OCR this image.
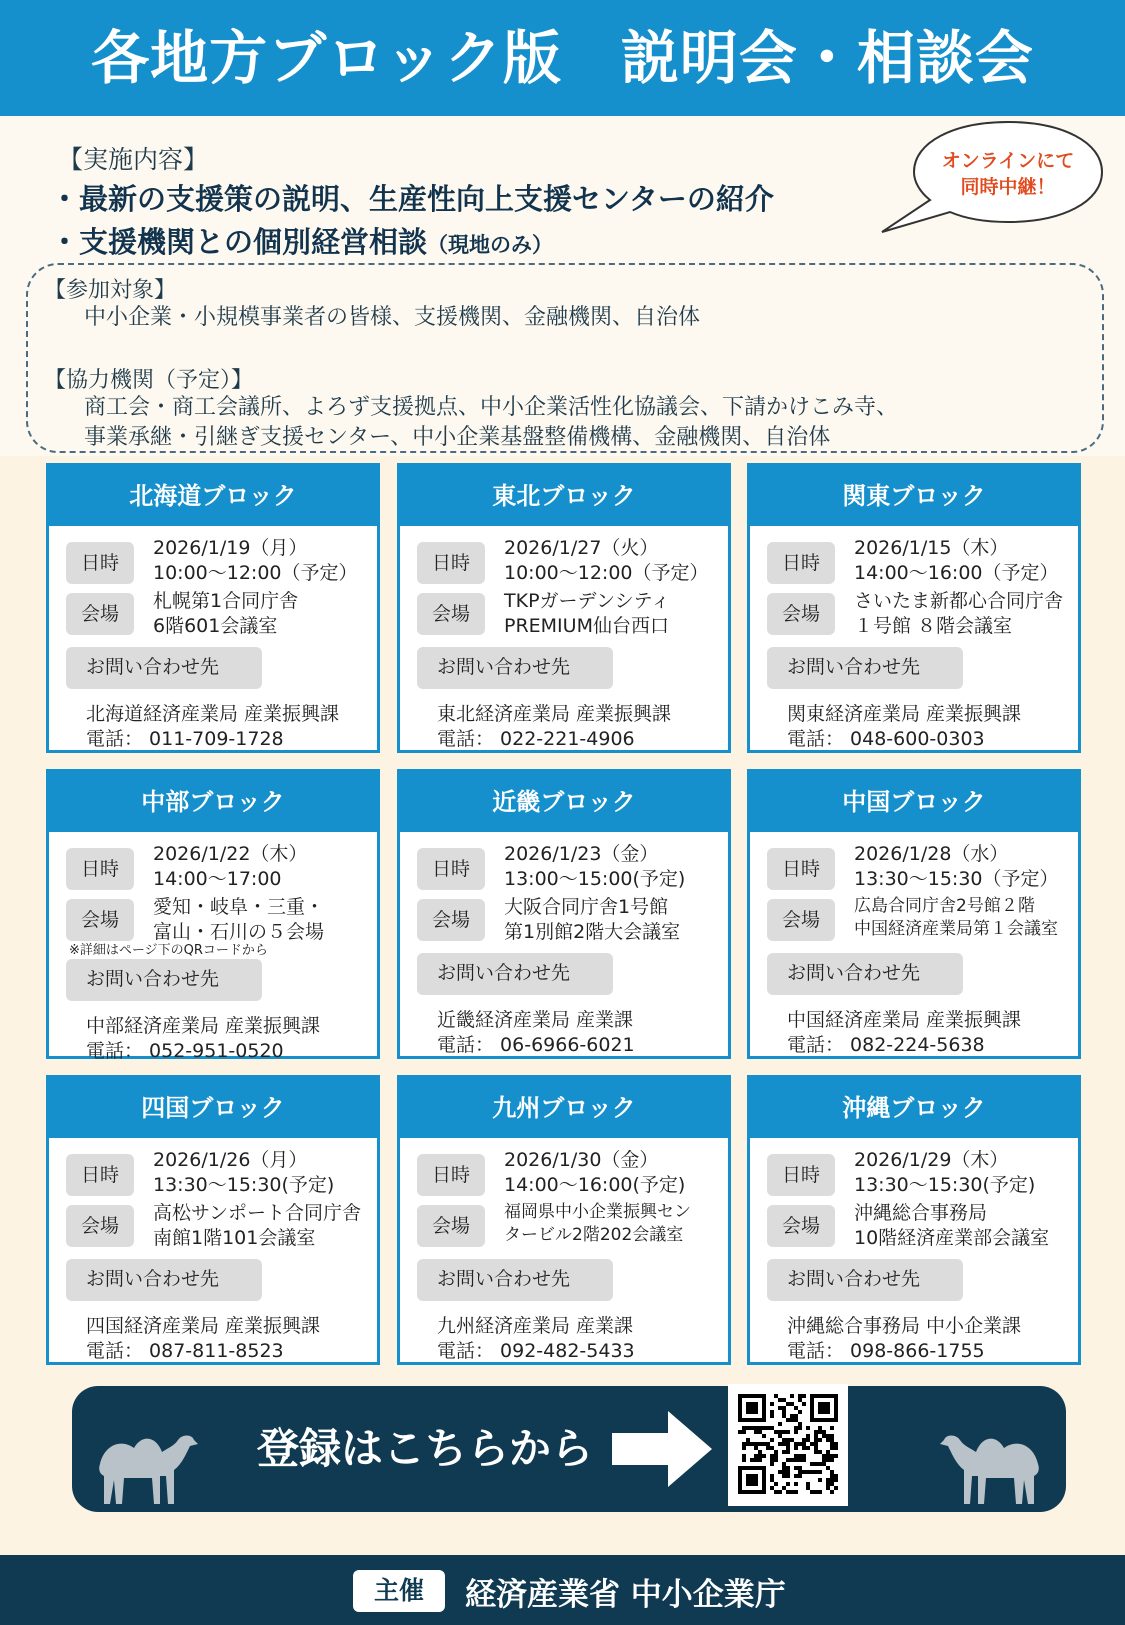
各地方ブロック版　説明会・相談会
【実施内容】
・最新の支援策の説明、生産性向上支援センターの紹介
・支援機関との個別経営相談（現地のみ）
オンラインにて
同時中継！
【参加対象】
中小企業・小規模事業者の皆様、支援機関、金融機関、自治体
【協力機関（予定）】
商工会・商工会議所、よろず支援拠点、中小企業活性化協議会、下請かけこみ寺、
事業承継・引継ぎ支援センター、中小企業基盤整備機構、金融機関、自治体
北海道ブロック
日時
2026/1/19（月）
10:00〜12:00（予定）
会場
札幌第1合同庁舎
6階601会議室
お問い合わせ先
北海道経済産業局 産業振興課
電話： 011-709-1728
東北ブロック
日時
2026/1/27（火）
10:00〜12:00（予定）
会場
TKPガーデンシティ
PREMIUM仙台西口
お問い合わせ先
東北経済産業局 産業振興課
電話： 022-221-4906
関東ブロック
日時
2026/1/15（木）
14:00〜16:00（予定）
会場
さいたま新都心合同庁舎
１号館 ８階会議室
お問い合わせ先
関東経済産業局 産業振興課
電話： 048-600-0303
中部ブロック
日時
2026/1/22（木）
14:00〜17:00
会場
愛知・岐阜・三重・
富山・石川の５会場
※詳細はページ下のQRコードから
お問い合わせ先
中部経済産業局 産業振興課
電話： 052-951-0520
近畿ブロック
日時
2026/1/23（金）
13:00〜15:00(予定)
会場
大阪合同庁舎1号館
第1別館2階大会議室
お問い合わせ先
近畿経済産業局 産業課
電話： 06-6966-6021
中国ブロック
日時
2026/1/28（水）
13:30〜15:30（予定）
会場
広島合同庁舎2号館２階
中国経済産業局第１会議室
お問い合わせ先
中国経済産業局 産業振興課
電話： 082-224-5638
四国ブロック
日時
2026/1/26（月）
13:30〜15:30(予定)
会場
高松サンポート合同庁舎
南館1階101会議室
お問い合わせ先
四国経済産業局 産業振興課
電話： 087-811-8523
九州ブロック
日時
2026/1/30（金）
14:00〜16:00(予定)
会場
福岡県中小企業振興セン
タービル2階202会議室
お問い合わせ先
九州経済産業局 産業課
電話： 092-482-5433
沖縄ブロック
日時
2026/1/29（木）
13:30〜15:30(予定)
会場
沖縄総合事務局
10階経済産業部会議室
お問い合わせ先
沖縄総合事務局 中小企業課
電話： 098-866-1755
登録はこちらから
主催	経済産業省 中小企業庁
